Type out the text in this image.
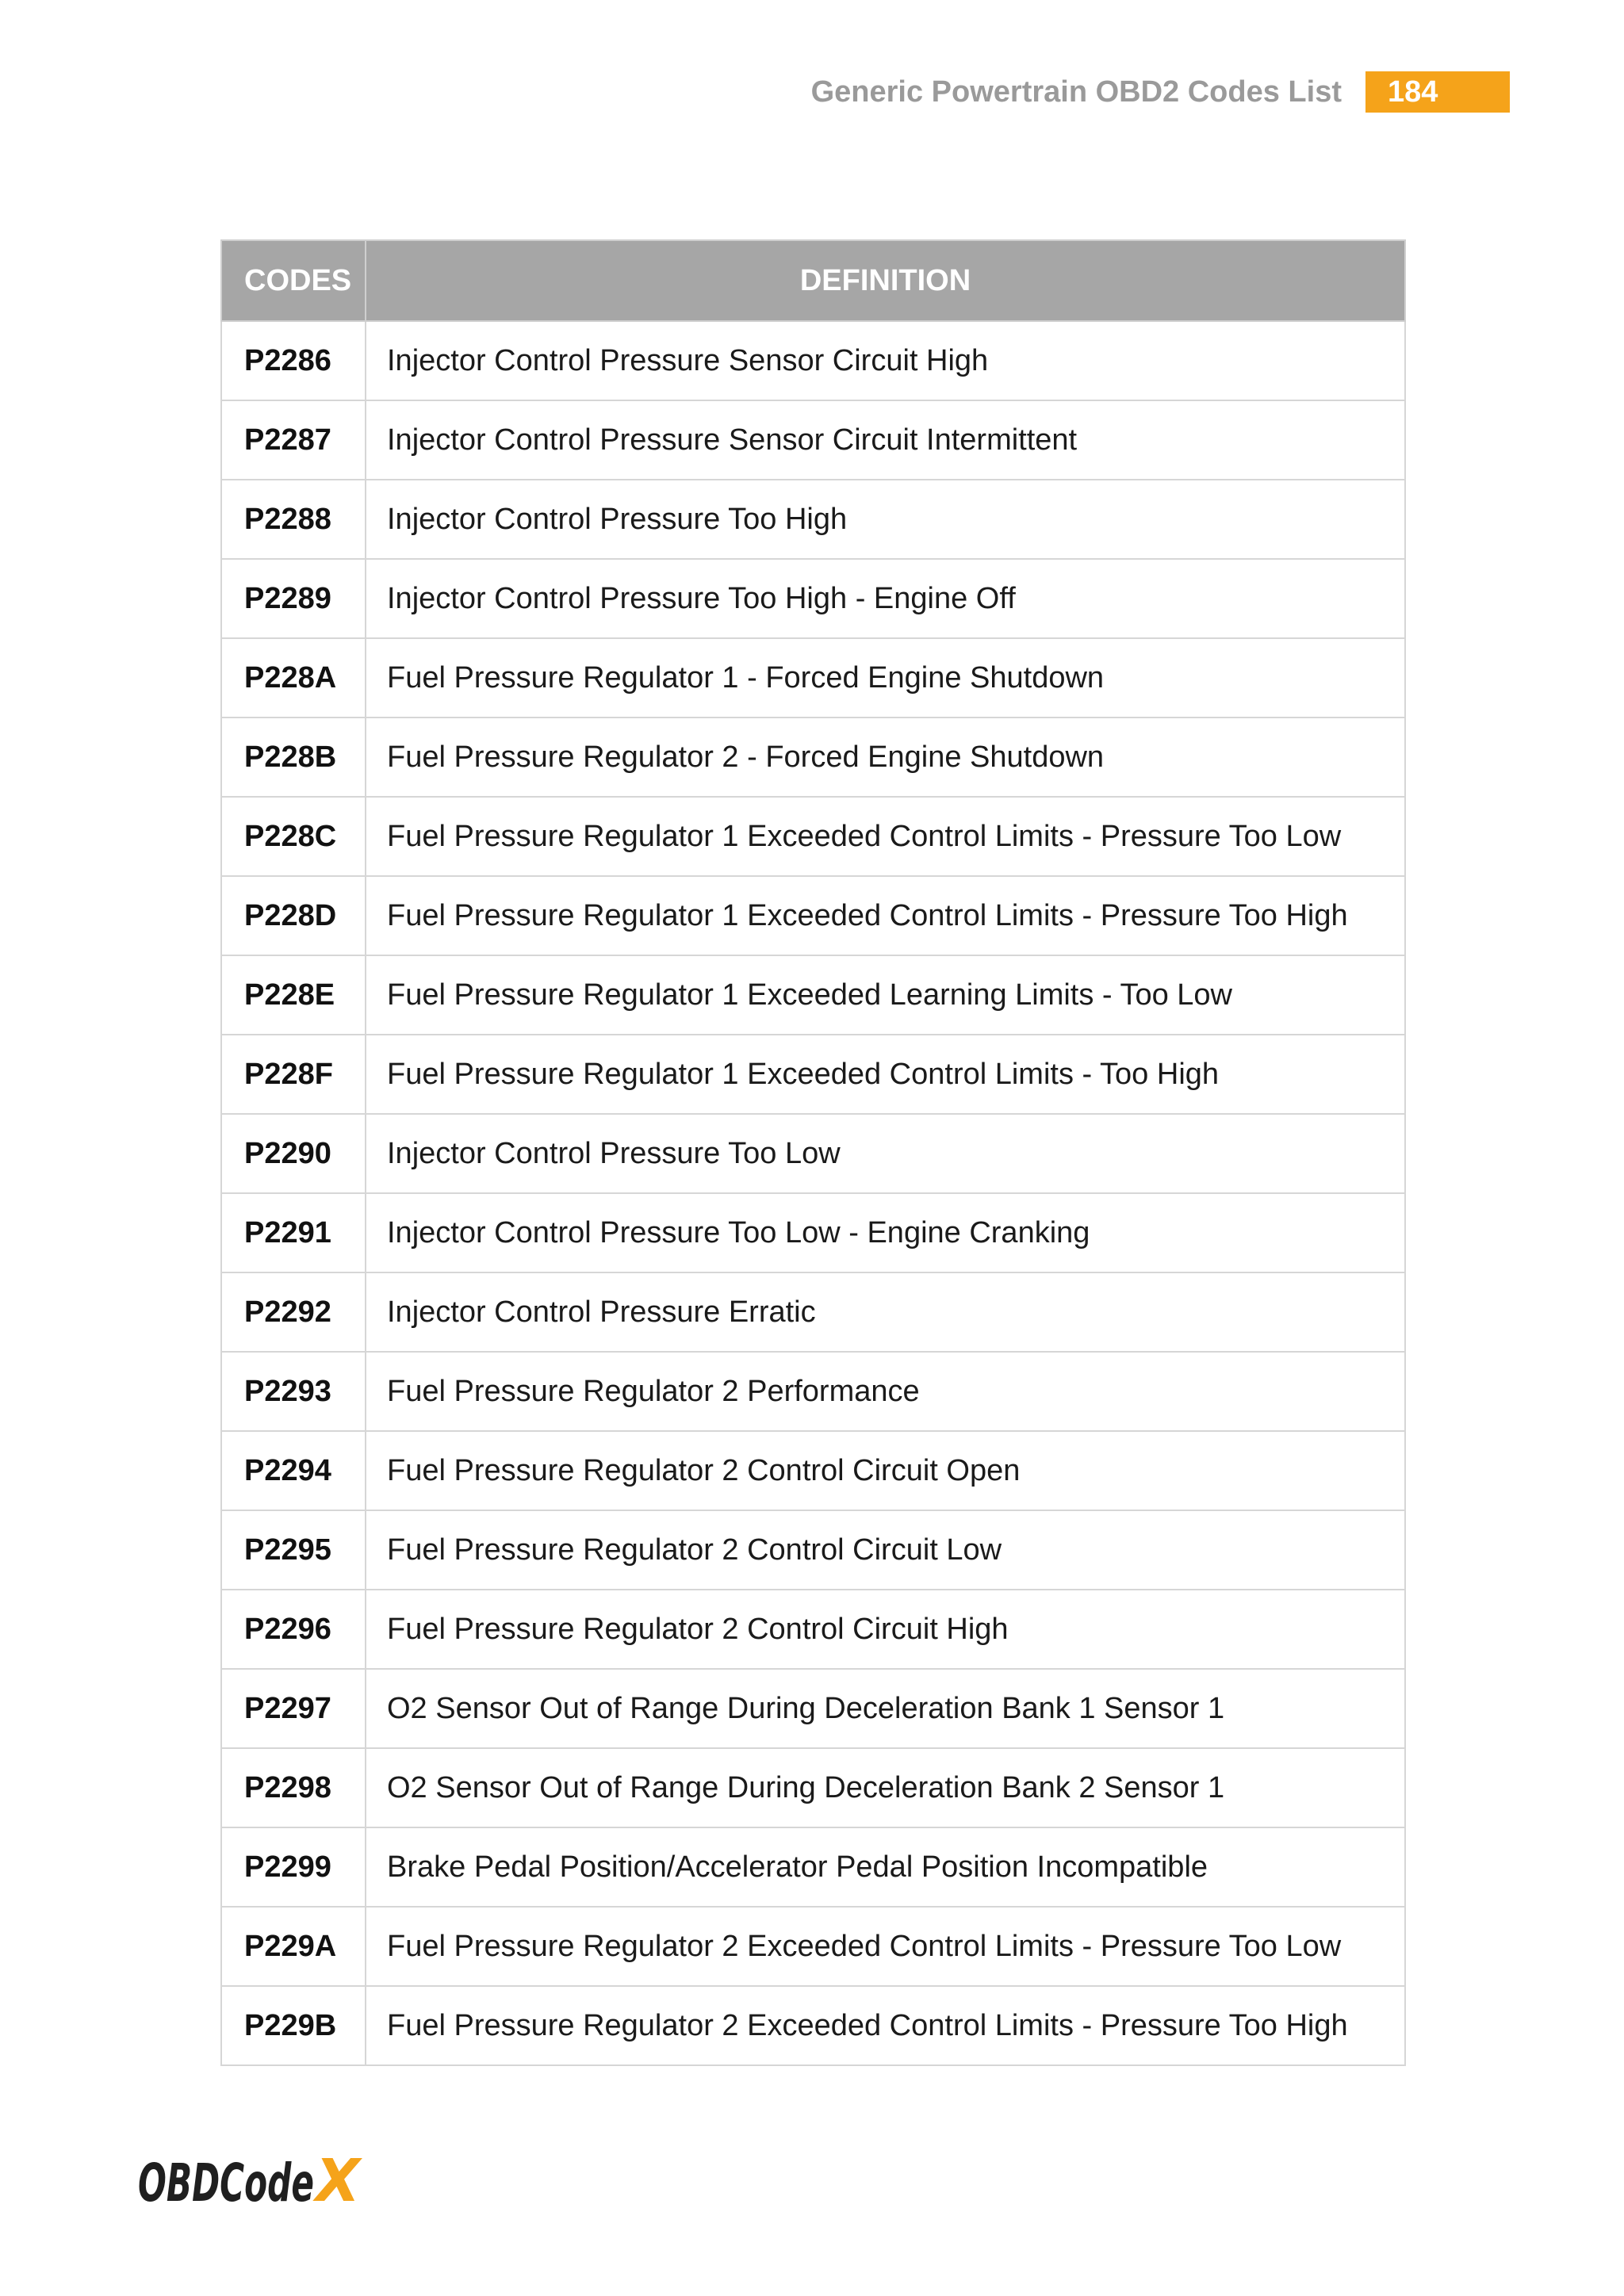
Generic Powertrain OBD2 Codes List	184
CODES	DEFINITION
P2286	Injector Control Pressure Sensor Circuit High
P2287	Injector Control Pressure Sensor Circuit Intermittent
P2288	Injector Control Pressure Too High
P2289	Injector Control Pressure Too High - Engine Off
P228A	Fuel Pressure Regulator 1 - Forced Engine Shutdown
P228B	Fuel Pressure Regulator 2 - Forced Engine Shutdown
P228C	Fuel Pressure Regulator 1 Exceeded Control Limits - Pressure Too Low
P228D	Fuel Pressure Regulator 1 Exceeded Control Limits - Pressure Too High
P228E	Fuel Pressure Regulator 1 Exceeded Learning Limits - Too Low
P228F	Fuel Pressure Regulator 1 Exceeded Control Limits - Too High
P2290	Injector Control Pressure Too Low
P2291	Injector Control Pressure Too Low - Engine Cranking
P2292	Injector Control Pressure Erratic
P2293	Fuel Pressure Regulator 2 Performance
P2294	Fuel Pressure Regulator 2 Control Circuit Open
P2295	Fuel Pressure Regulator 2 Control Circuit Low
P2296	Fuel Pressure Regulator 2 Control Circuit High
P2297	O2 Sensor Out of Range During Deceleration Bank 1 Sensor 1
P2298	O2 Sensor Out of Range During Deceleration Bank 2 Sensor 1
P2299	Brake Pedal Position/Accelerator Pedal Position Incompatible
P229A	Fuel Pressure Regulator 2 Exceeded Control Limits - Pressure Too Low
P229B	Fuel Pressure Regulator 2 Exceeded Control Limits - Pressure Too High
OBDCode
X
